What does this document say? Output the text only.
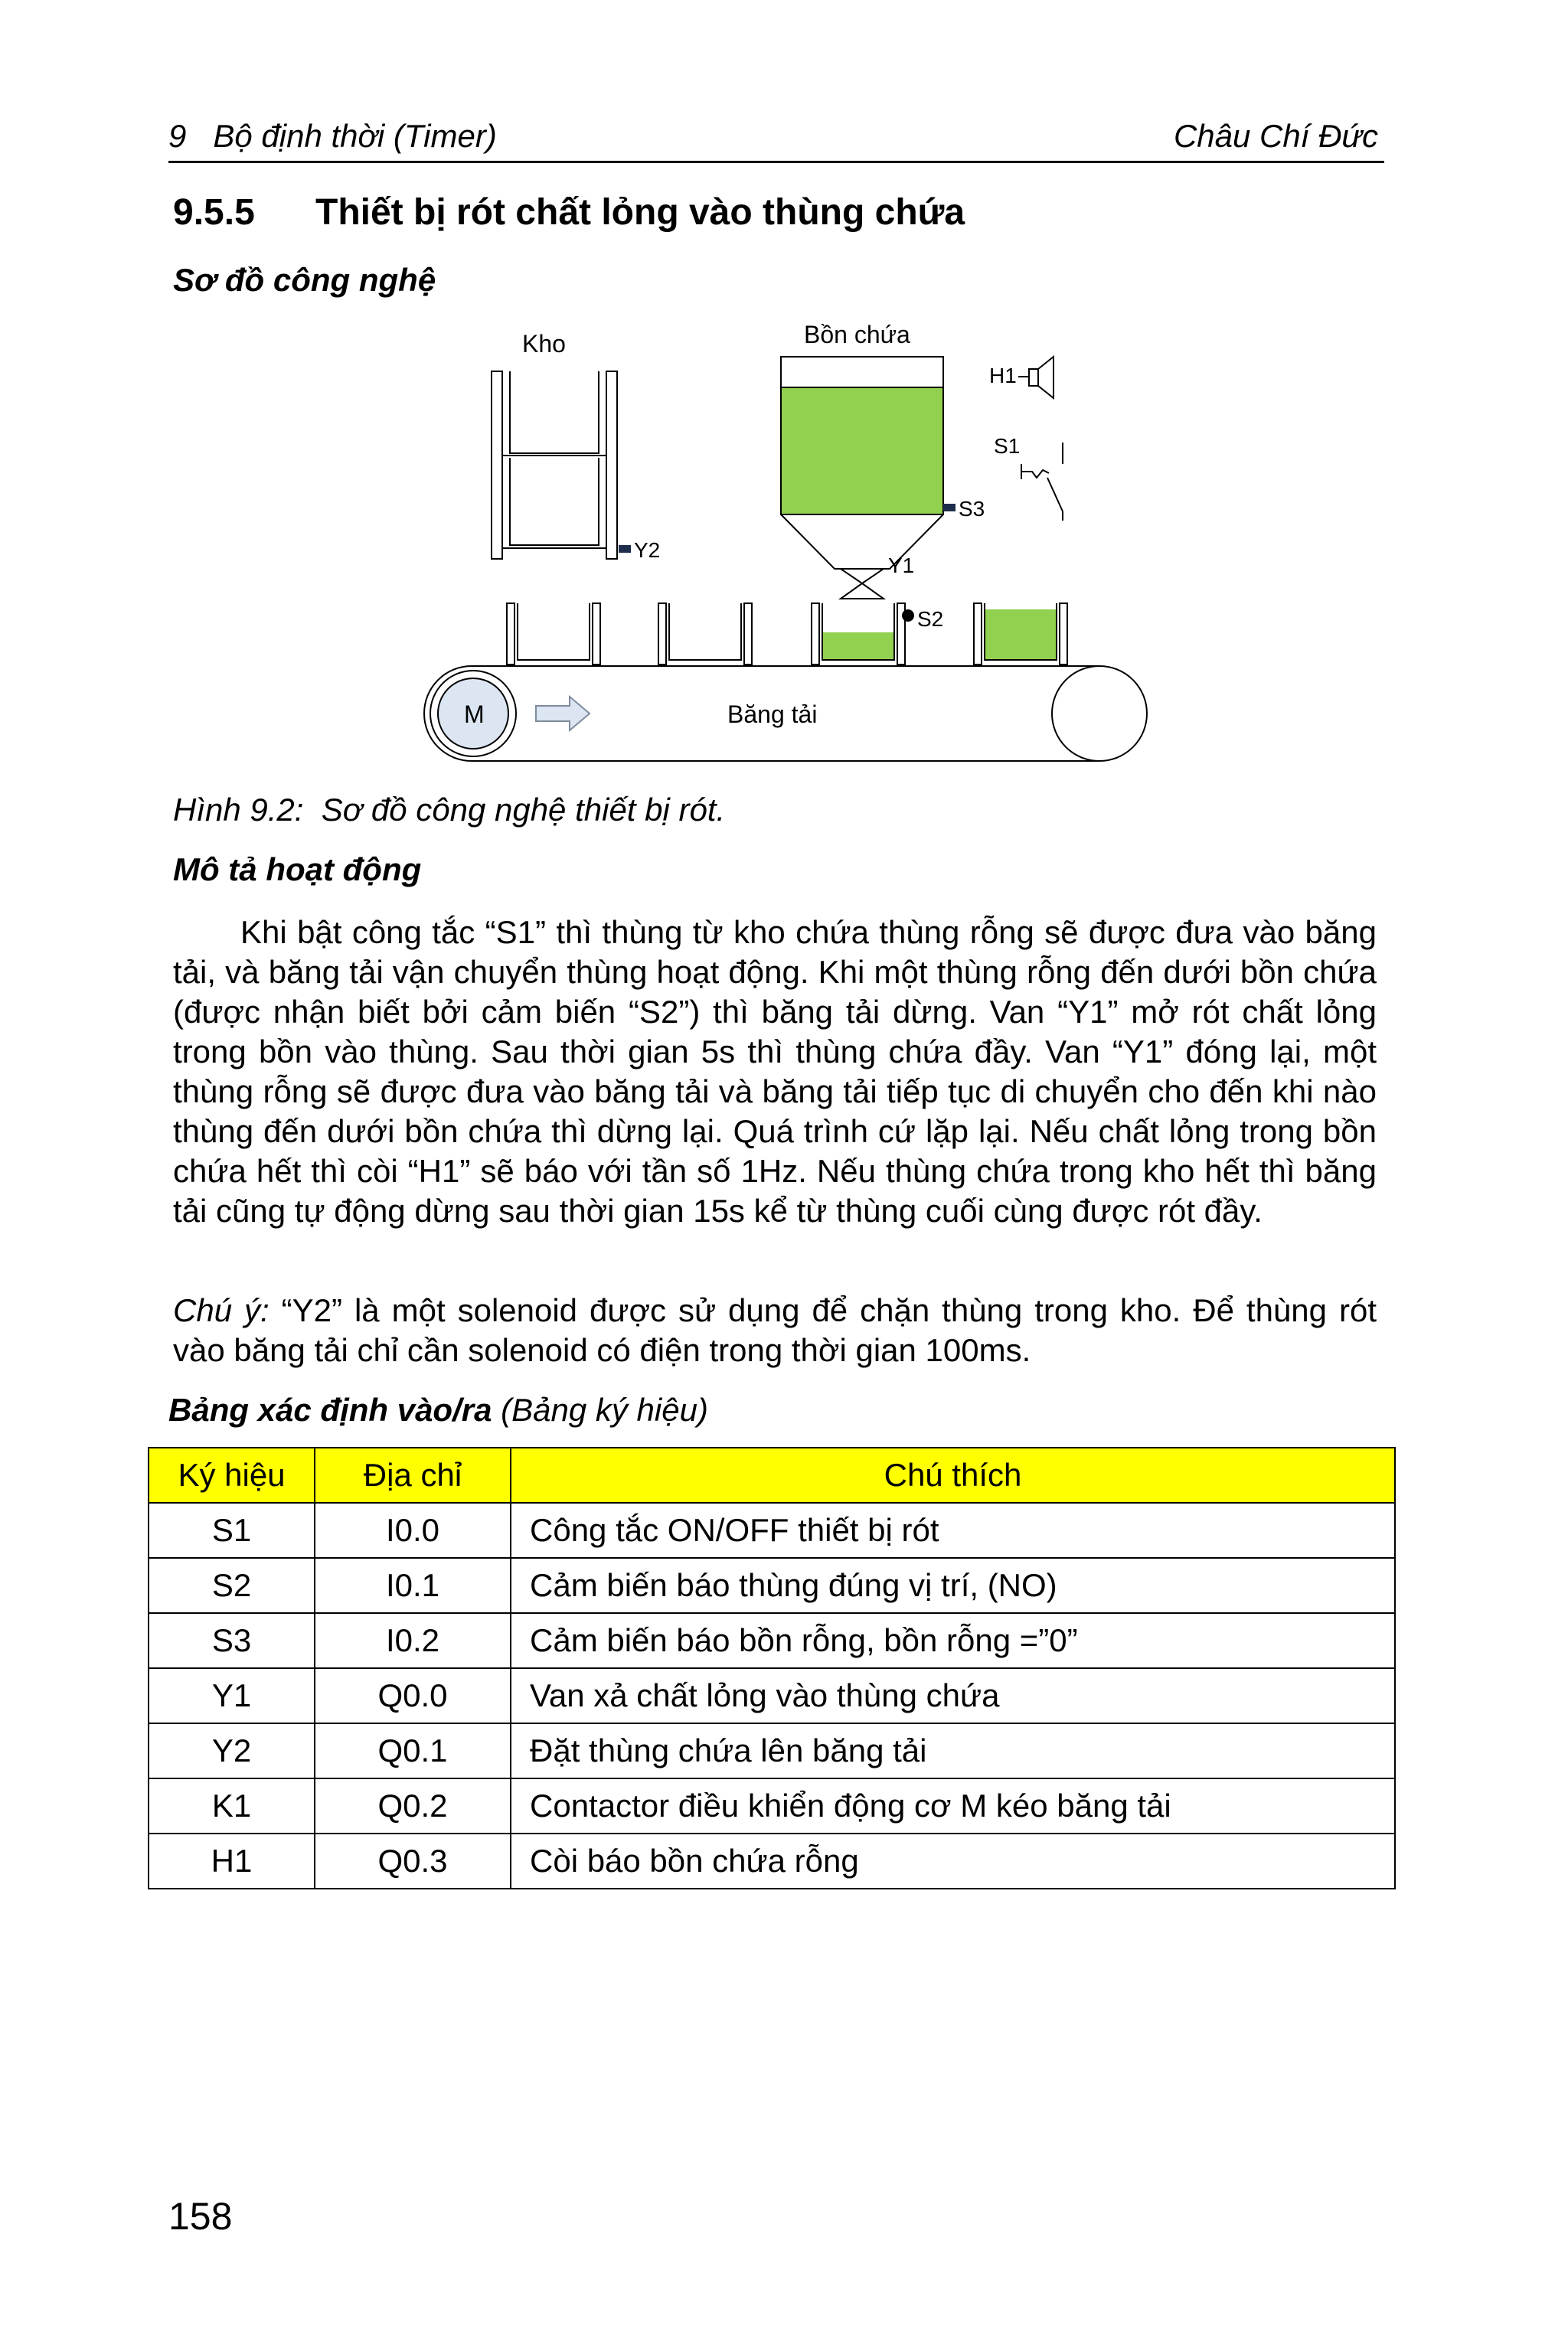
9   Bộ định thời (Timer)	Châu Chí Đức
9.5.5 Thiết bị rót chất lỏng vào thùng chứa
Sơ đồ công nghệ
Kho
Y2
Bồn chứa
S3
Y1
H1
S1
S2
M	Băng tải
Hình 9.2:  Sơ đồ công nghệ thiết bị rót.
Mô tả hoạt động

Khi bật công tắc “S1” thì thùng từ kho chứa thùng rỗng sẽ được đưa vào băng tải, và băng tải vận chuyển thùng hoạt động. Khi một thùng rỗng đến dưới bồn chứa (được nhận biết bởi cảm biến “S2”) thì băng tải dừng. Van “Y1” mở rót chất lỏng trong bồn vào thùng. Sau thời gian 5s thì thùng chứa đầy. Van “Y1” đóng lại, một thùng rỗng sẽ được đưa vào băng tải và băng tải tiếp tục di chuyển cho đến khi nào thùng đến dưới bồn chứa thì dừng lại. Quá trình cứ lặp lại. Nếu chất lỏng trong bồn chứa hết thì còi “H1” sẽ báo với tần số 1Hz. Nếu thùng chứa trong kho hết thì băng tải cũng tự động dừng sau thời gian 15s kể từ thùng cuối cùng được rót đầy.

Chú ý: “Y2” là một solenoid được sử dụng để chặn thùng trong kho. Để thùng rót vào băng tải chỉ cần solenoid có điện trong thời gian 100ms.

Bảng xác định vào/ra (Bảng ký hiệu)
Ký hiệu	Địa chỉ	Chú thích
S1	I0.0	Công tắc ON/OFF thiết bị rót
S2	I0.1	Cảm biến báo thùng đúng vị trí, (NO)
S3	I0.2	Cảm biến báo bồn rỗng, bồn rỗng =”0”
Y1	Q0.0	Van xả chất lỏng vào thùng chứa
Y2	Q0.1	Đặt thùng chứa lên băng tải
K1	Q0.2	Contactor điều khiển động cơ M kéo băng tải
H1	Q0.3	Còi báo bồn chứa rỗng
158
